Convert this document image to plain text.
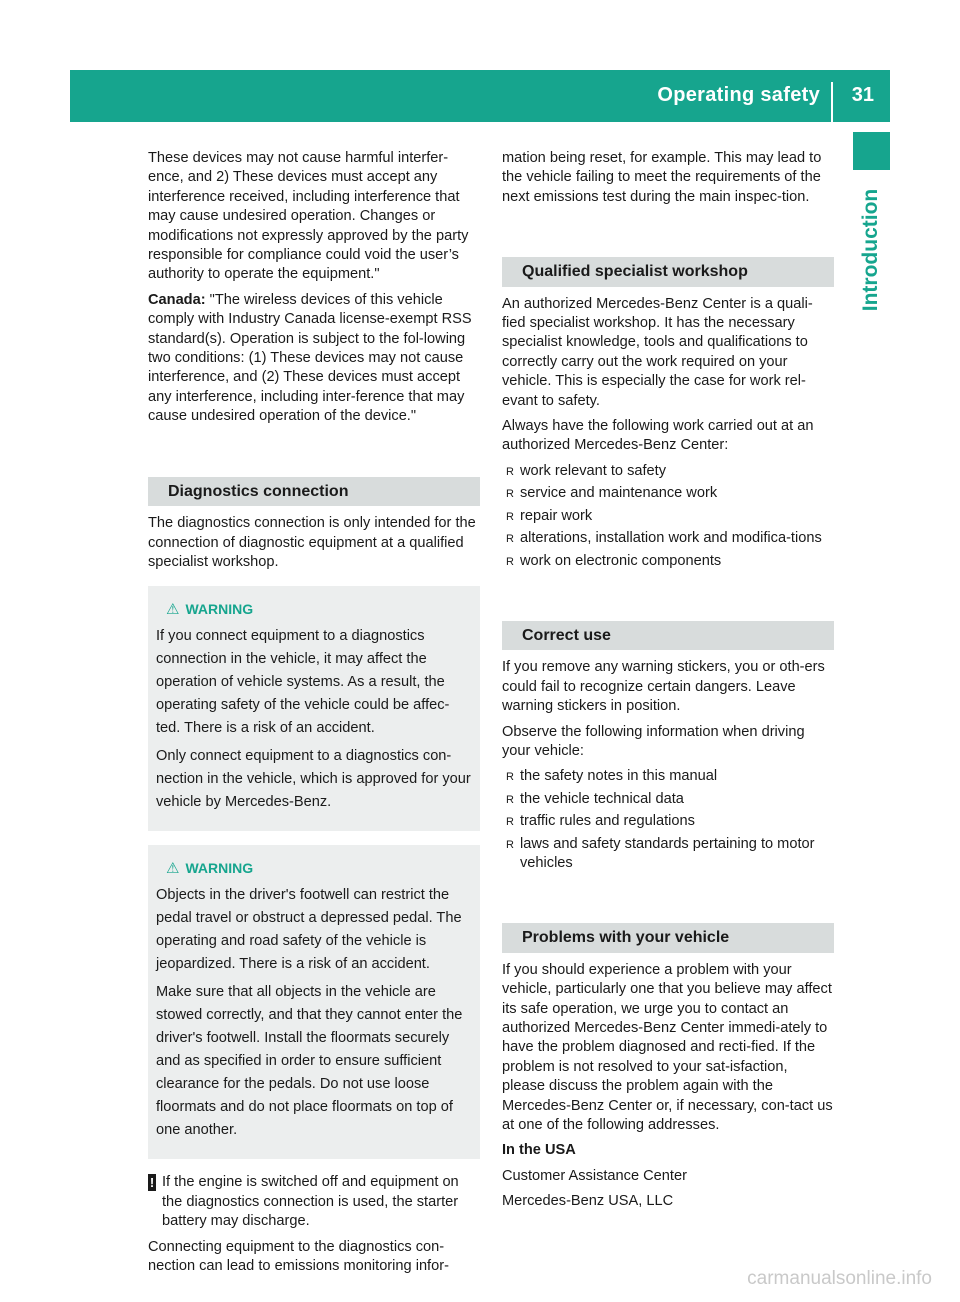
Operating safety 31
Introduction

These devices may not cause harmful interfer-ence, and 2) These devices must accept any interference received, including interference that may cause undesired operation. Changes or modifications not expressly approved by the party responsible for compliance could void the user’s authority to operate the equipment."

Canada: "The wireless devices of this vehicle comply with Industry Canada license-exempt RSS standard(s). Operation is subject to the fol-lowing two conditions: (1) These devices may not cause interference, and (2) These devices must accept any interference, including inter-ference that may cause undesired operation of the device."

Diagnostics connection

The diagnostics connection is only intended for the connection of diagnostic equipment at a qualified specialist workshop.

⚠ WARNING

If you connect equipment to a diagnostics connection in the vehicle, it may affect the operation of vehicle systems. As a result, the operating safety of the vehicle could be affec-ted. There is a risk of an accident.

Only connect equipment to a diagnostics con-nection in the vehicle, which is approved for your vehicle by Mercedes-Benz.

⚠ WARNING

Objects in the driver's footwell can restrict the pedal travel or obstruct a depressed pedal. The operating and road safety of the vehicle is jeopardized. There is a risk of an accident.

Make sure that all objects in the vehicle are stowed correctly, and that they cannot enter the driver's footwell. Install the floormats securely and as specified in order to ensure sufficient clearance for the pedals. Do not use loose floormats and do not place floormats on top of one another.

! If the engine is switched off and equipment on the diagnostics connection is used, the starter battery may discharge.

Connecting equipment to the diagnostics con-nection can lead to emissions monitoring infor-

mation being reset, for example. This may lead to the vehicle failing to meet the requirements of the next emissions test during the main inspec-tion.

Qualified specialist workshop

An authorized Mercedes-Benz Center is a quali-fied specialist workshop. It has the necessary specialist knowledge, tools and qualifications to correctly carry out the work required on your vehicle. This is especially the case for work rel-evant to safety.

Always have the following work carried out at an authorized Mercedes-Benz Center:

R work relevant to safety
R service and maintenance work
R repair work
R alterations, installation work and modifica-tions
R work on electronic components
Correct use

If you remove any warning stickers, you or oth-ers could fail to recognize certain dangers. Leave warning stickers in position.

Observe the following information when driving your vehicle:

R the safety notes in this manual
R the vehicle technical data
R traffic rules and regulations
R laws and safety standards pertaining to motor vehicles
Problems with your vehicle

If you should experience a problem with your vehicle, particularly one that you believe may affect its safe operation, we urge you to contact an authorized Mercedes-Benz Center immedi-ately to have the problem diagnosed and recti-fied. If the problem is not resolved to your sat-isfaction, please discuss the problem again with the Mercedes-Benz Center or, if necessary, con-tact us at one of the following addresses.

In the USA

Customer Assistance Center

Mercedes-Benz USA, LLC

carmanualsonline.info
